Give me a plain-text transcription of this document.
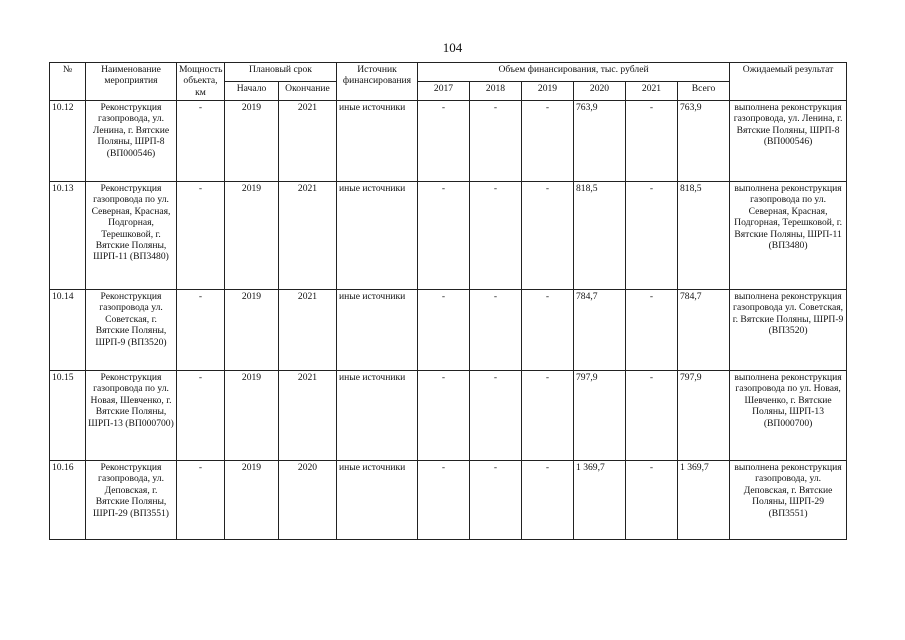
104
№	Наименование мероприятия	Мощность объекта, км	Плановый срок		Источник финансирования	Объем финансирования, тыс. рублей						Ожидаемый результат
			Начало	Окончание		2017	2018	2019	2020	2021	Всего	
10.12	Реконструкция газопровода, ул. Ленина, г. Вятские Поляны, ШРП-8 (ВП000546)	-	2019	2021	иные источники	-	-	-	763,9	-	763,9	выполнена реконструкция газопровода, ул. Ленина, г. Вятские Поляны, ШРП-8 (ВП000546)
10.13	Реконструкция газопровода по ул. Северная, Красная, Подгорная, Терешковой, г. Вятские Поляны, ШРП-11 (ВП3480)	-	2019	2021	иные источники	-	-	-	818,5	-	818,5	выполнена реконструкция газопровода по ул. Северная, Красная, Подгорная, Терешковой, г. Вятские Поляны, ШРП-11 (ВП3480)
10.14	Реконструкция газопровода ул. Советская, г. Вятские Поляны, ШРП-9 (ВП3520)	-	2019	2021	иные источники	-	-	-	784,7	-	784,7	выполнена реконструкция газопровода ул. Советская, г. Вятские Поляны, ШРП-9 (ВП3520)
10.15	Реконструкция газопровода по ул. Новая, Шевченко, г. Вятские Поляны, ШРП-13 (ВП000700)	-	2019	2021	иные источники	-	-	-	797,9	-	797,9	выполнена реконструкция газопровода по ул. Новая, Шевченко, г. Вятские Поляны, ШРП-13 (ВП000700)
10.16	Реконструкция газопровода, ул. Деповская, г. Вятские Поляны, ШРП-29 (ВП3551)	-	2019	2020	иные источники	-	-	-	1 369,7	-	1 369,7	выполнена реконструкция газопровода, ул. Деповская, г. Вятские Поляны, ШРП-29 (ВП3551)
